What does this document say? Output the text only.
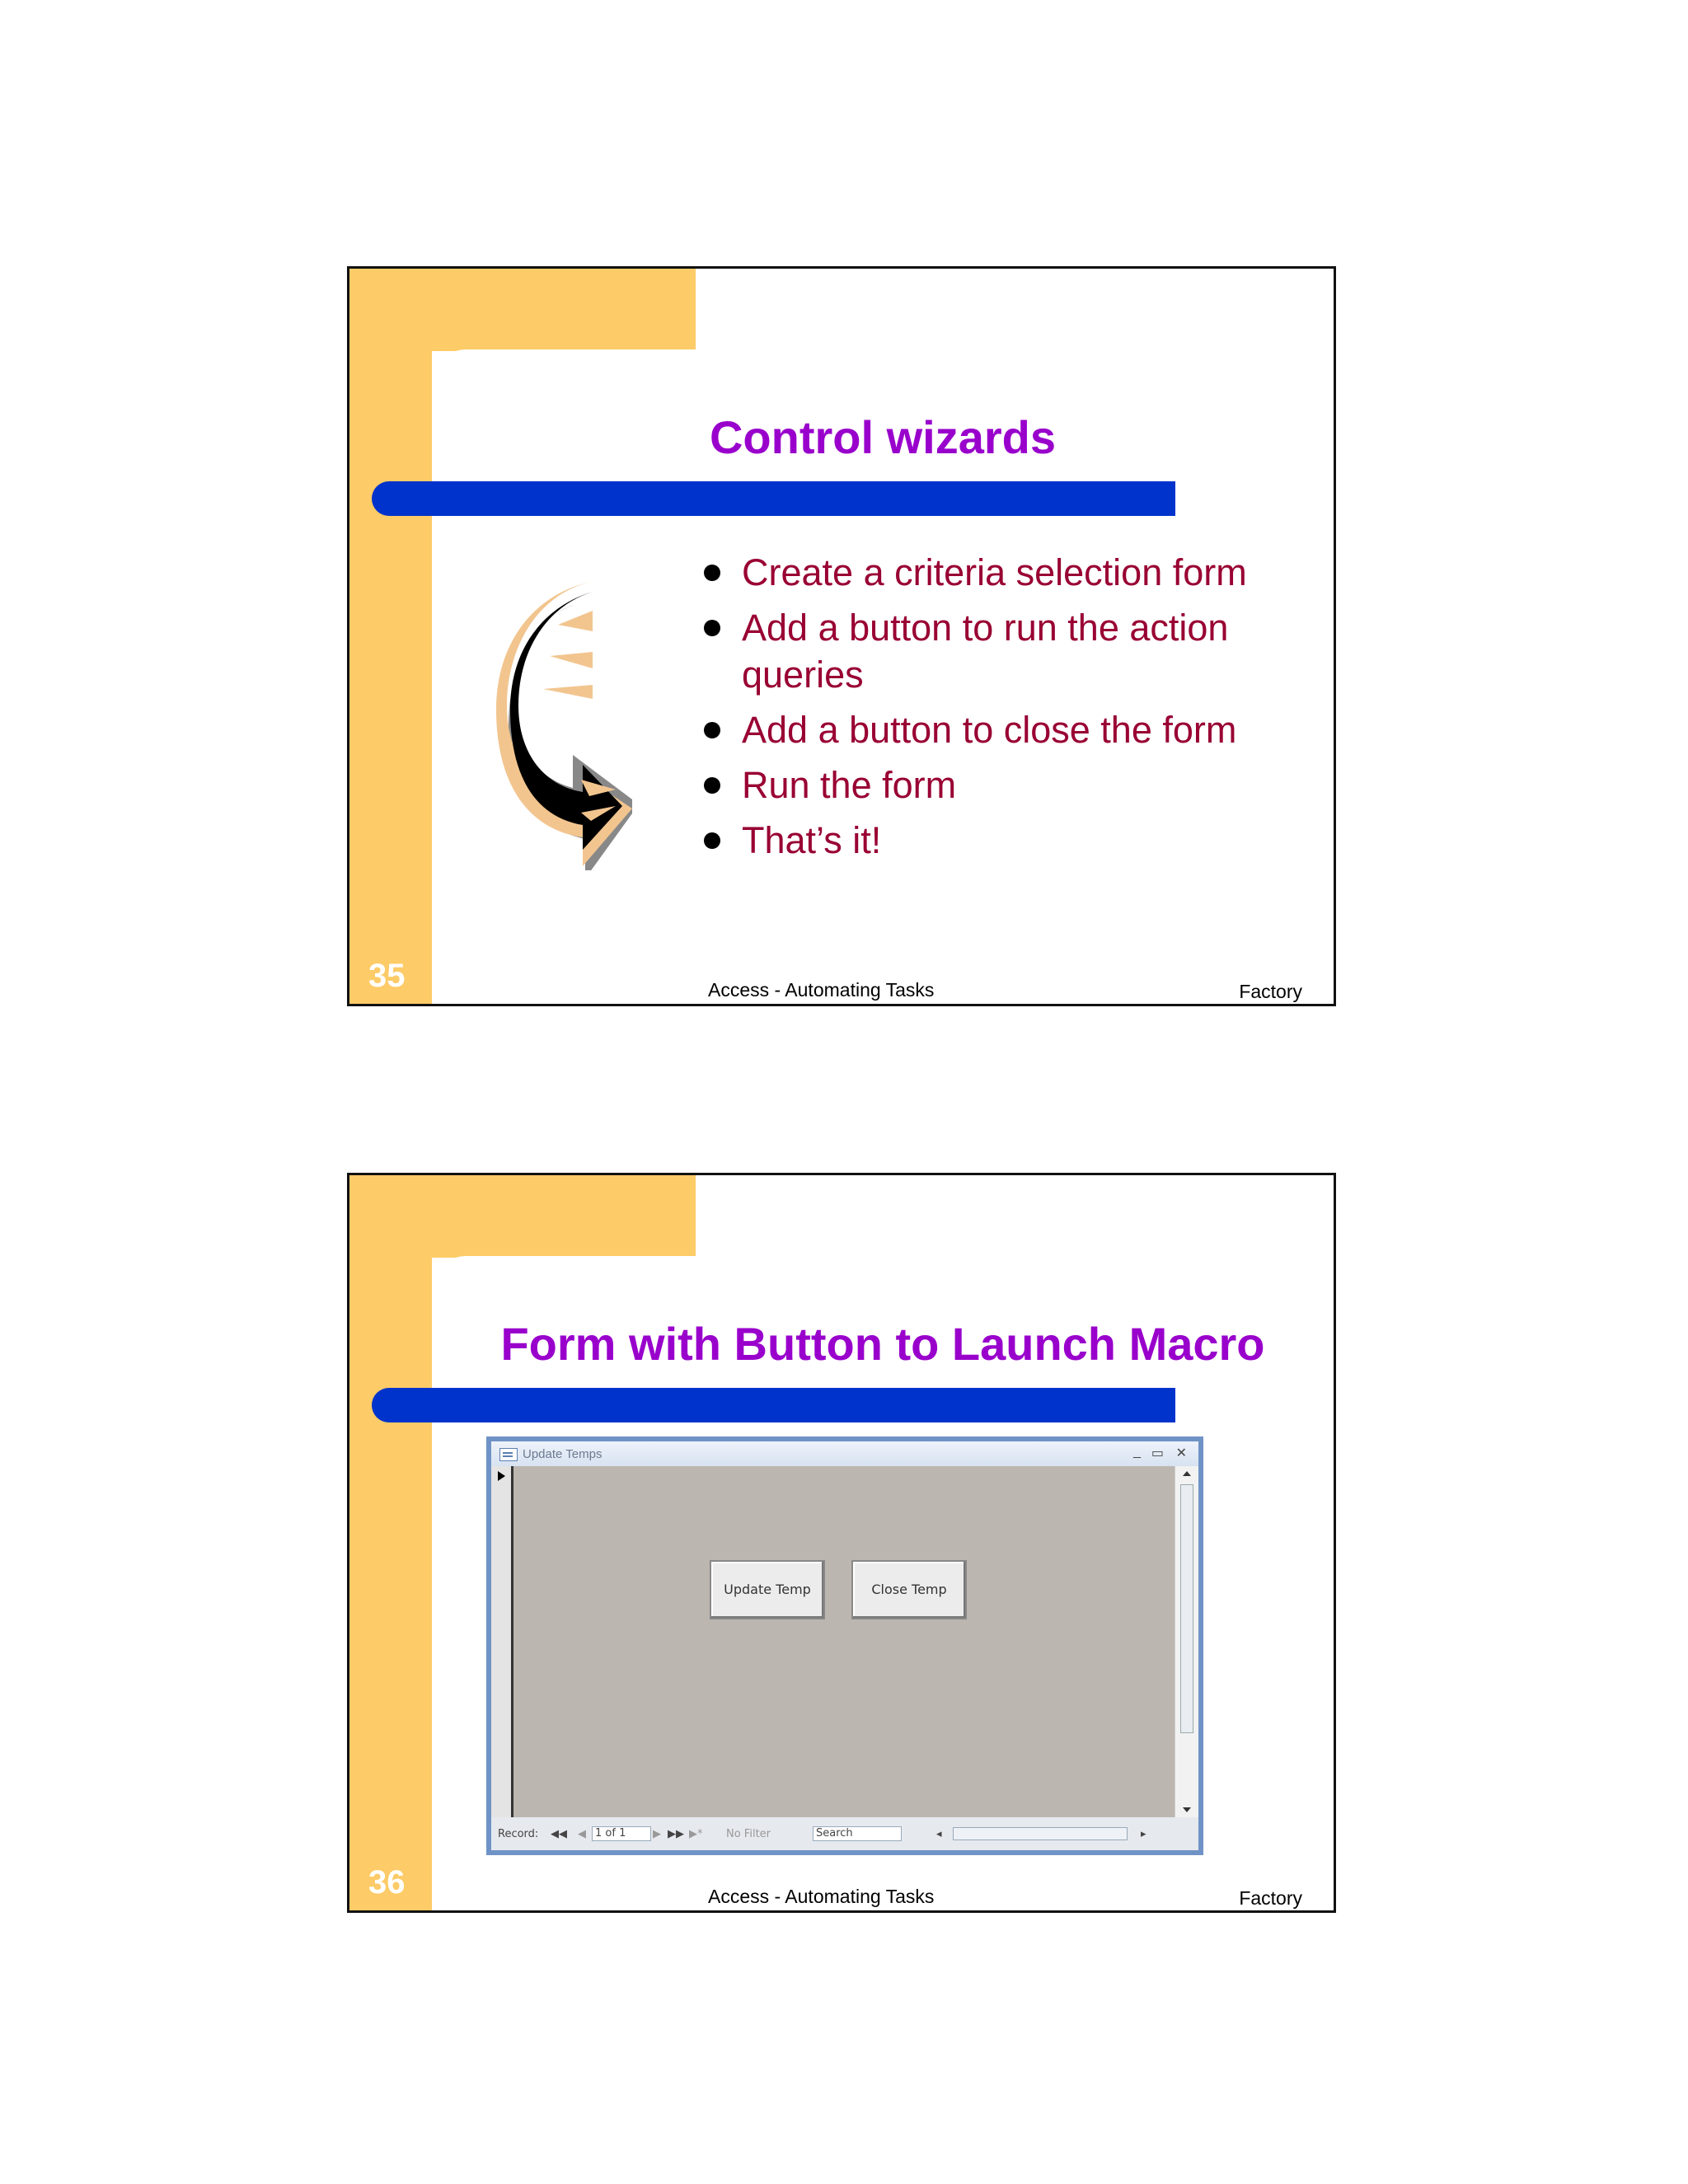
Control wizards
Create a criteria selection form
Add a button to run the action queries
Add a button to close the form
Run the form
That’s it!
35	Access - Automating Tasks	Factory
Form with Button to Launch Macro
Update Temps	_ ▭ ✕
Update Temp	Close Temp
Record: ◀◀ ◀ 1 of 1	▶ ▶▶ ▶* No Filter	Search	◂	▸
36	Access - Automating Tasks	Factory
